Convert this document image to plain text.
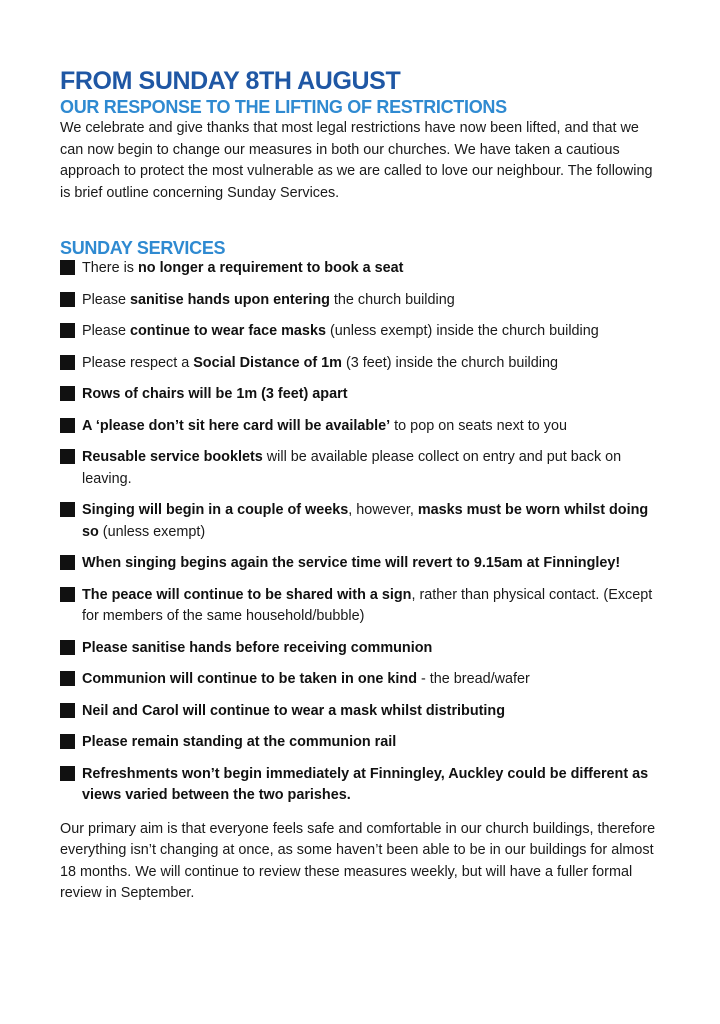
FROM SUNDAY 8TH AUGUST
OUR RESPONSE TO THE LIFTING OF RESTRICTIONS

We celebrate and give thanks that most legal restrictions have now been lifted, and that we can now begin to change our measures in both our churches. We have taken a cautious approach to protect the most vulnerable as we are called to love our neighbour. The following is brief outline concerning Sunday Services.

SUNDAY SERVICES
There is no longer a requirement to book a seat
Please sanitise hands upon entering the church building
Please continue to wear face masks (unless exempt) inside the church building
Please respect a Social Distance of 1m (3 feet) inside the church building
Rows of chairs will be 1m (3 feet) apart
A ‘please don’t sit here card will be available’ to pop on seats next to you
Reusable service booklets will be available please collect on entry and put back on leaving.
Singing will begin in a couple of weeks, however, masks must be worn whilst doing so (unless exempt)
When singing begins again the service time will revert to 9.15am at Finningley!
The peace will continue to be shared with a sign, rather than physical contact. (Except for members of the same household/bubble)
Please sanitise hands before receiving communion
Communion will continue to be taken in one kind - the bread/wafer
Neil and Carol will continue to wear a mask whilst distributing
Please remain standing at the communion rail
Refreshments won’t begin immediately at Finningley, Auckley could be different as views varied between the two parishes.

Our primary aim is that everyone feels safe and comfortable in our church buildings, therefore everything isn’t changing at once, as some haven’t been able to be in our buildings for almost 18 months. We will continue to review these measures weekly, but will have a fuller formal review in September.
